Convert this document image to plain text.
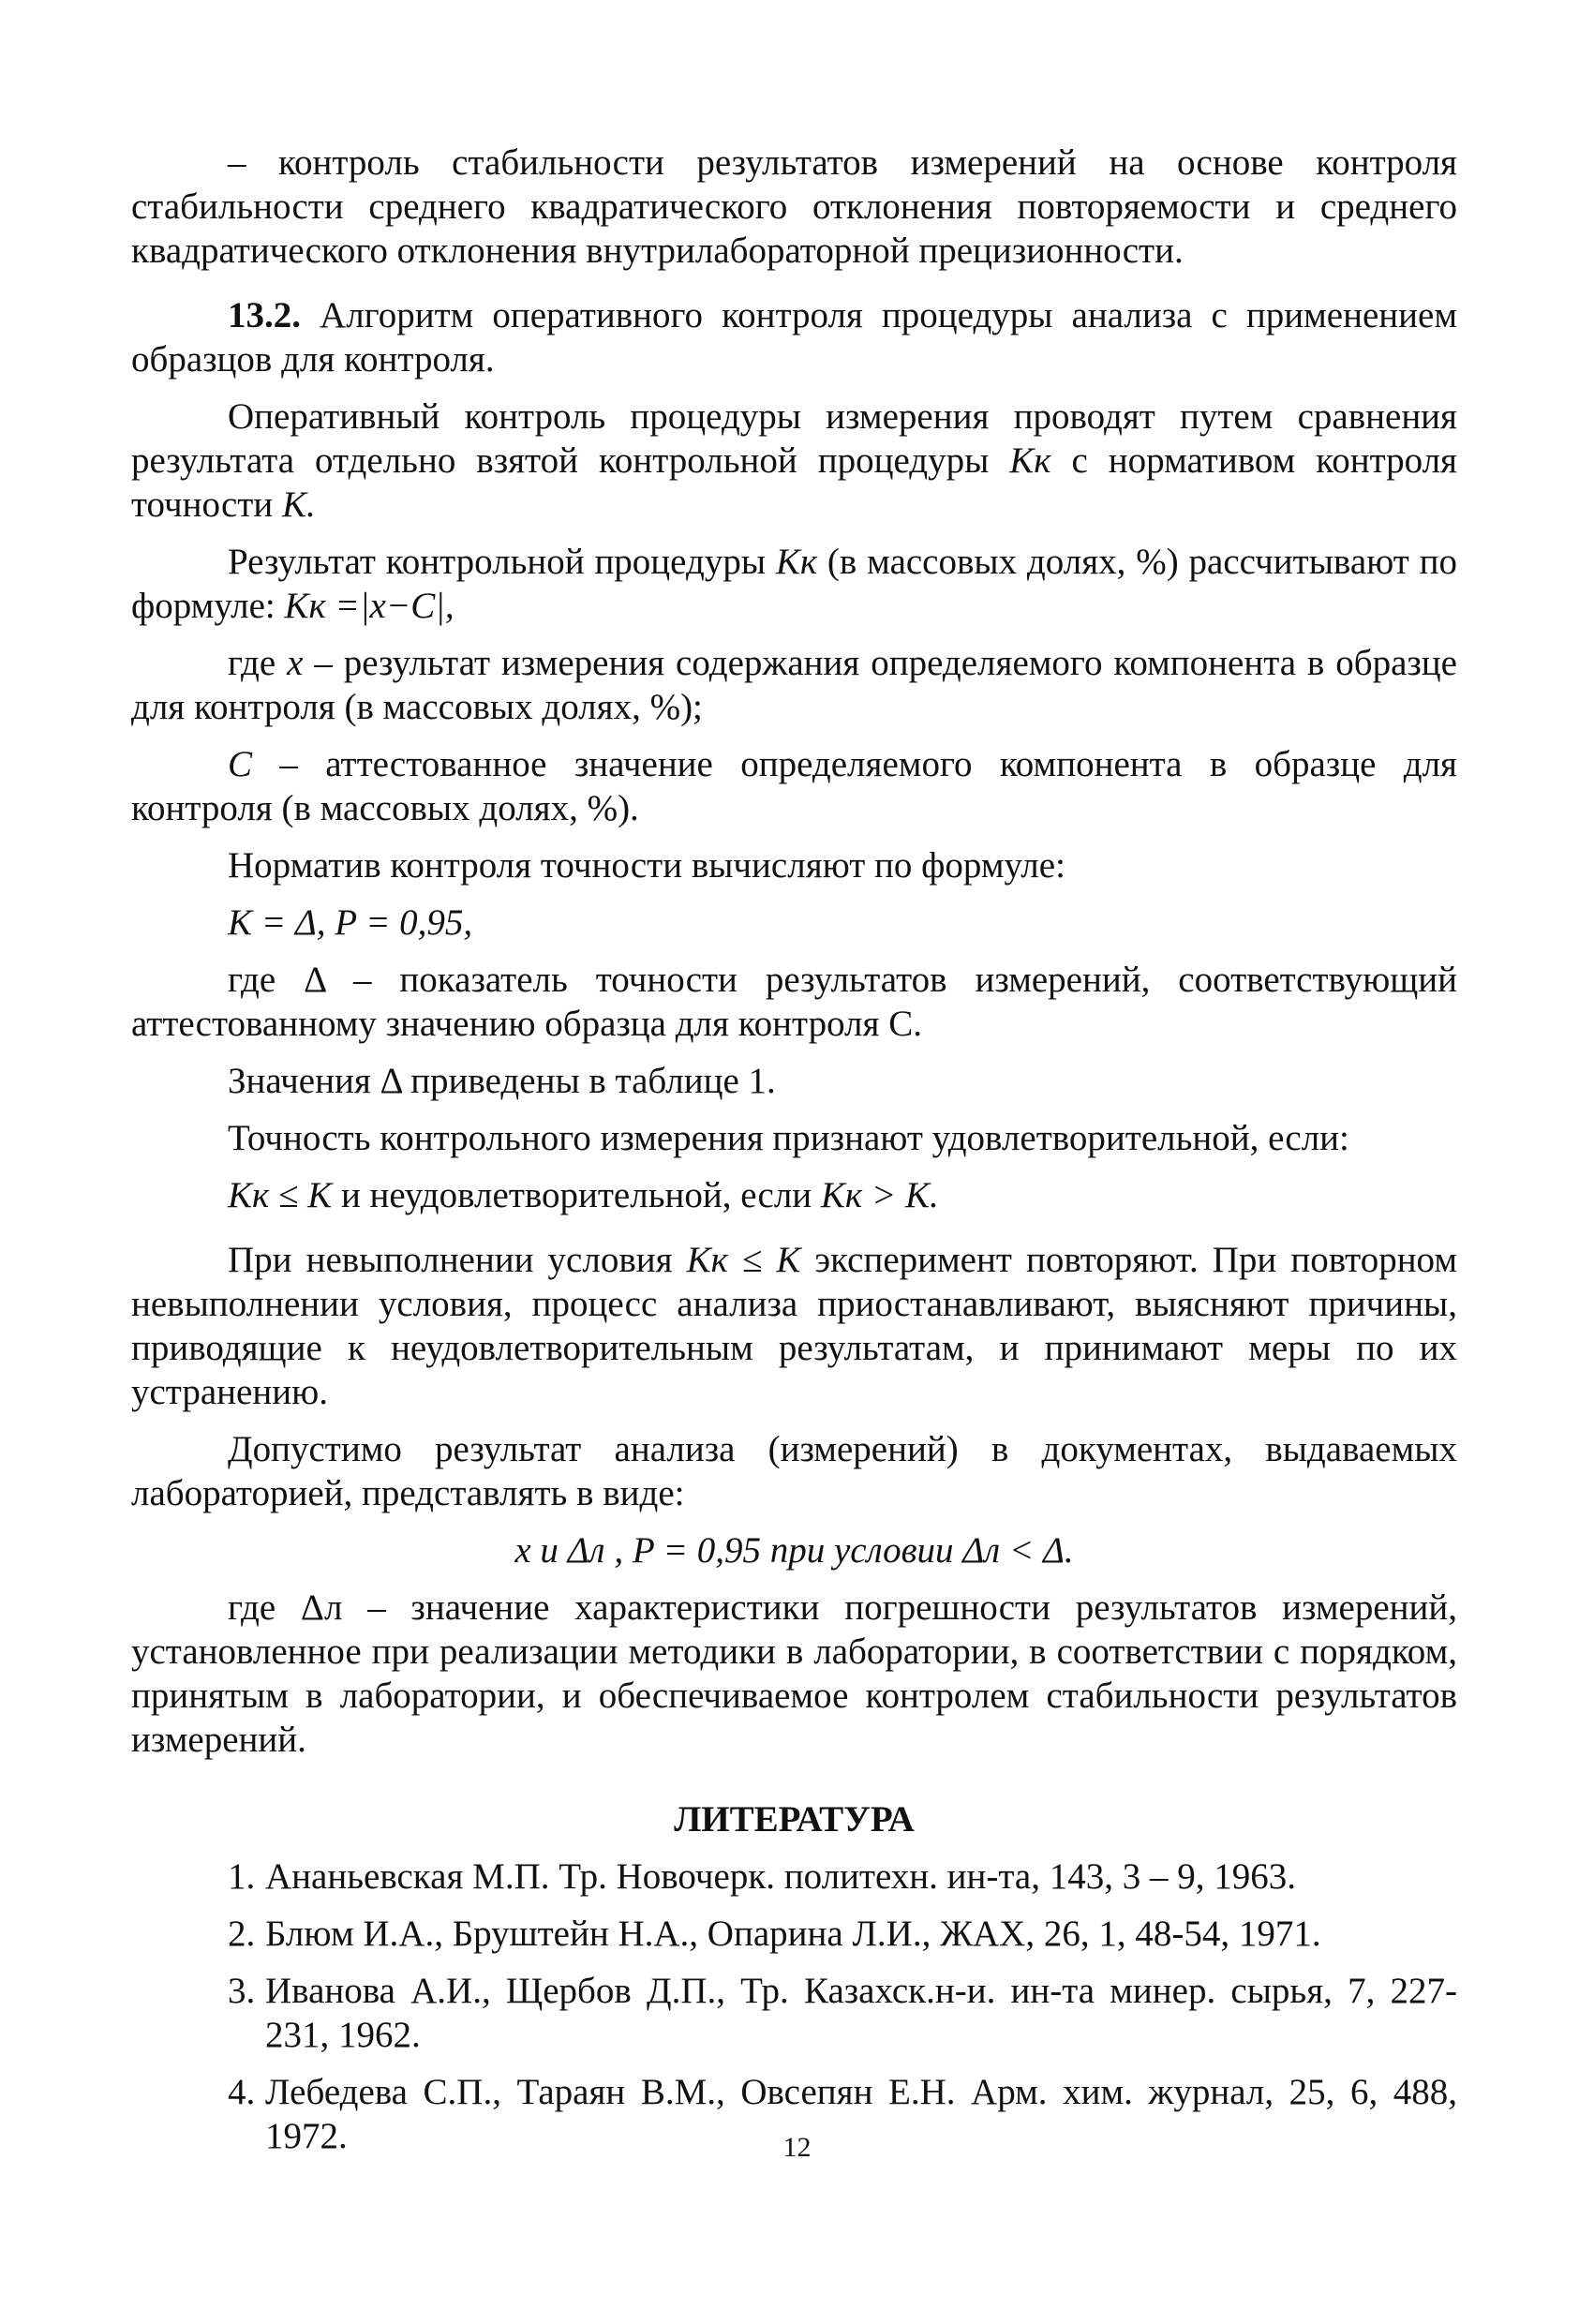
– контроль стабильности результатов измерений на основе контроля стабильности среднего квадратического отклонения повторяемости и среднего квадратического отклонения внутрилабораторной прецизионности.

13.2. Алгоритм оперативного контроля процедуры анализа с применением образцов для контроля.

Оперативный контроль процедуры измерения проводят путем сравнения результата отдельно взятой контрольной процедуры Kк с нормативом контроля точности K.

Результат контрольной процедуры Kк (в массовых долях, %) рассчитывают по формуле: Kк =|x−C|,

где x – результат измерения содержания определяемого компонента в образце для контроля (в массовых долях, %);

C – аттестованное значение определяемого компонента в образце для контроля (в массовых долях, %).

Норматив контроля точности вычисляют по формуле:

K = Δ, P = 0,95,

где Δ – показатель точности результатов измерений, соответствующий аттестованному значению образца для контроля С.

Значения Δ приведены в таблице 1.

Точность контрольного измерения признают удовлетворительной, если:

Kк ≤ K и неудовлетворительной, если Kк > K.

При невыполнении условия Kк ≤ K эксперимент повторяют. При повторном невыполнении условия, процесс анализа приостанавливают, выясняют причины, приводящие к неудовлетворительным результатам, и принимают меры по их устранению.

Допустимо результат анализа (измерений) в документах, выдаваемых лабораторией, представлять в виде:

x и Δл , P = 0,95 при условии Δл < Δ.

где Δл – значение характеристики погрешности результатов измерений, установленное при реализации методики в лаборатории, в соответствии с порядком, принятым в лаборатории, и обеспечиваемое контролем стабильности результатов измерений.

ЛИТЕРАТУРА

1. Ананьевская М.П. Тр. Новочерк. политехн. ин-та, 143, 3 – 9, 1963.
2. Блюм И.А., Бруштейн Н.А., Опарина Л.И., ЖАХ, 26, 1, 48-54, 1971.
3. Иванова А.И., Щербов Д.П., Тр. Казахск.н-и. ин-та минер. сырья, 7, 227-231, 1962.
4. Лебедева С.П., Тараян В.М., Овсепян Е.Н. Арм. хим. журнал, 25, 6, 488, 1972.	12
